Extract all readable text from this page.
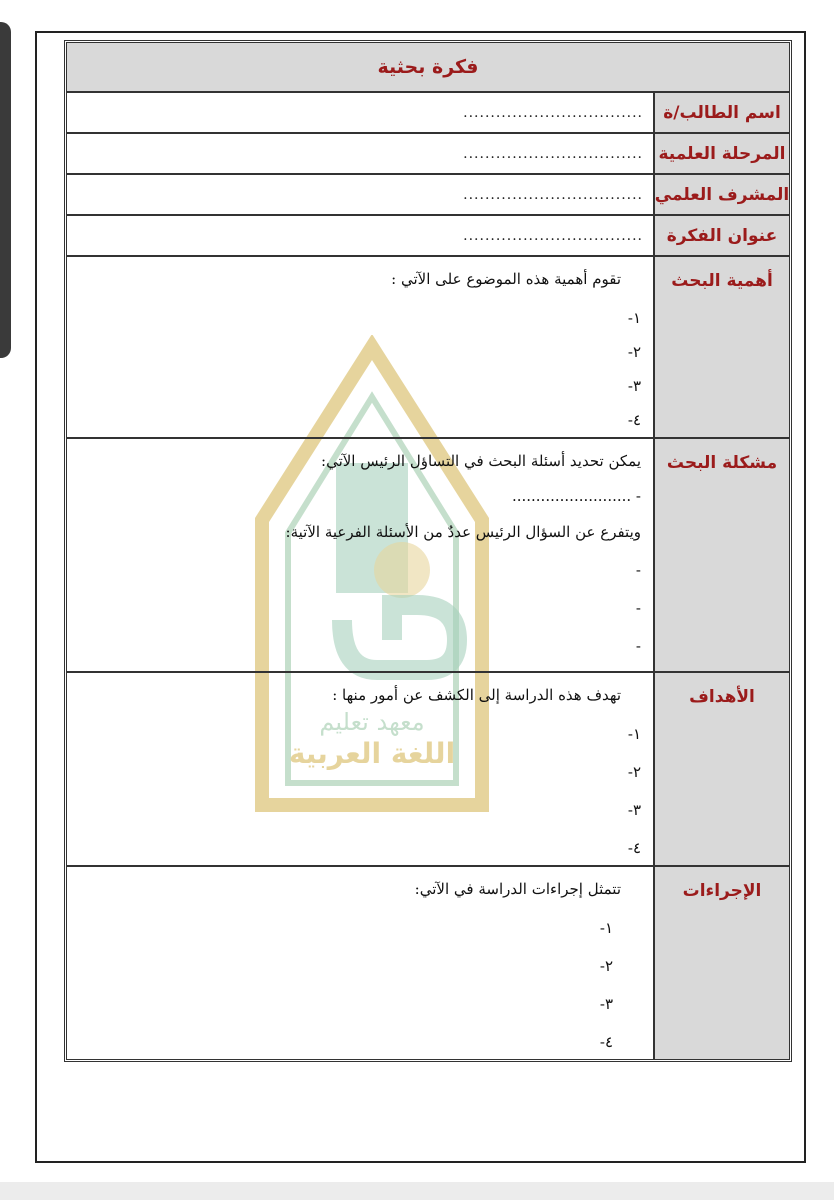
معهد تعليم
اللغة العربية
فكرة بحثية
اسم الطالب/ة
.................................
المرحلة العلمية
.................................
المشرف العلمي
.................................
عنوان الفكرة
.................................
أهمية البحث

تقوم أهمية هذه الموضوع على الآتي :

١-

٢-

٣-

٤-

مشكلة البحث

يمكن تحديد أسئلة البحث في التساؤل الرئيس الآتي:

- .........................

ويتفرع عن السؤال الرئيس عددٌ من الأسئلة الفرعية الآتية:

-

-

-

الأهداف

تهدف هذه الدراسة إلى الكشف عن أمور منها :

١-

٢-

٣-

٤-

الإجراءات

تتمثل إجراءات الدراسة في الآتي:

١-

٢-

٣-

٤-
